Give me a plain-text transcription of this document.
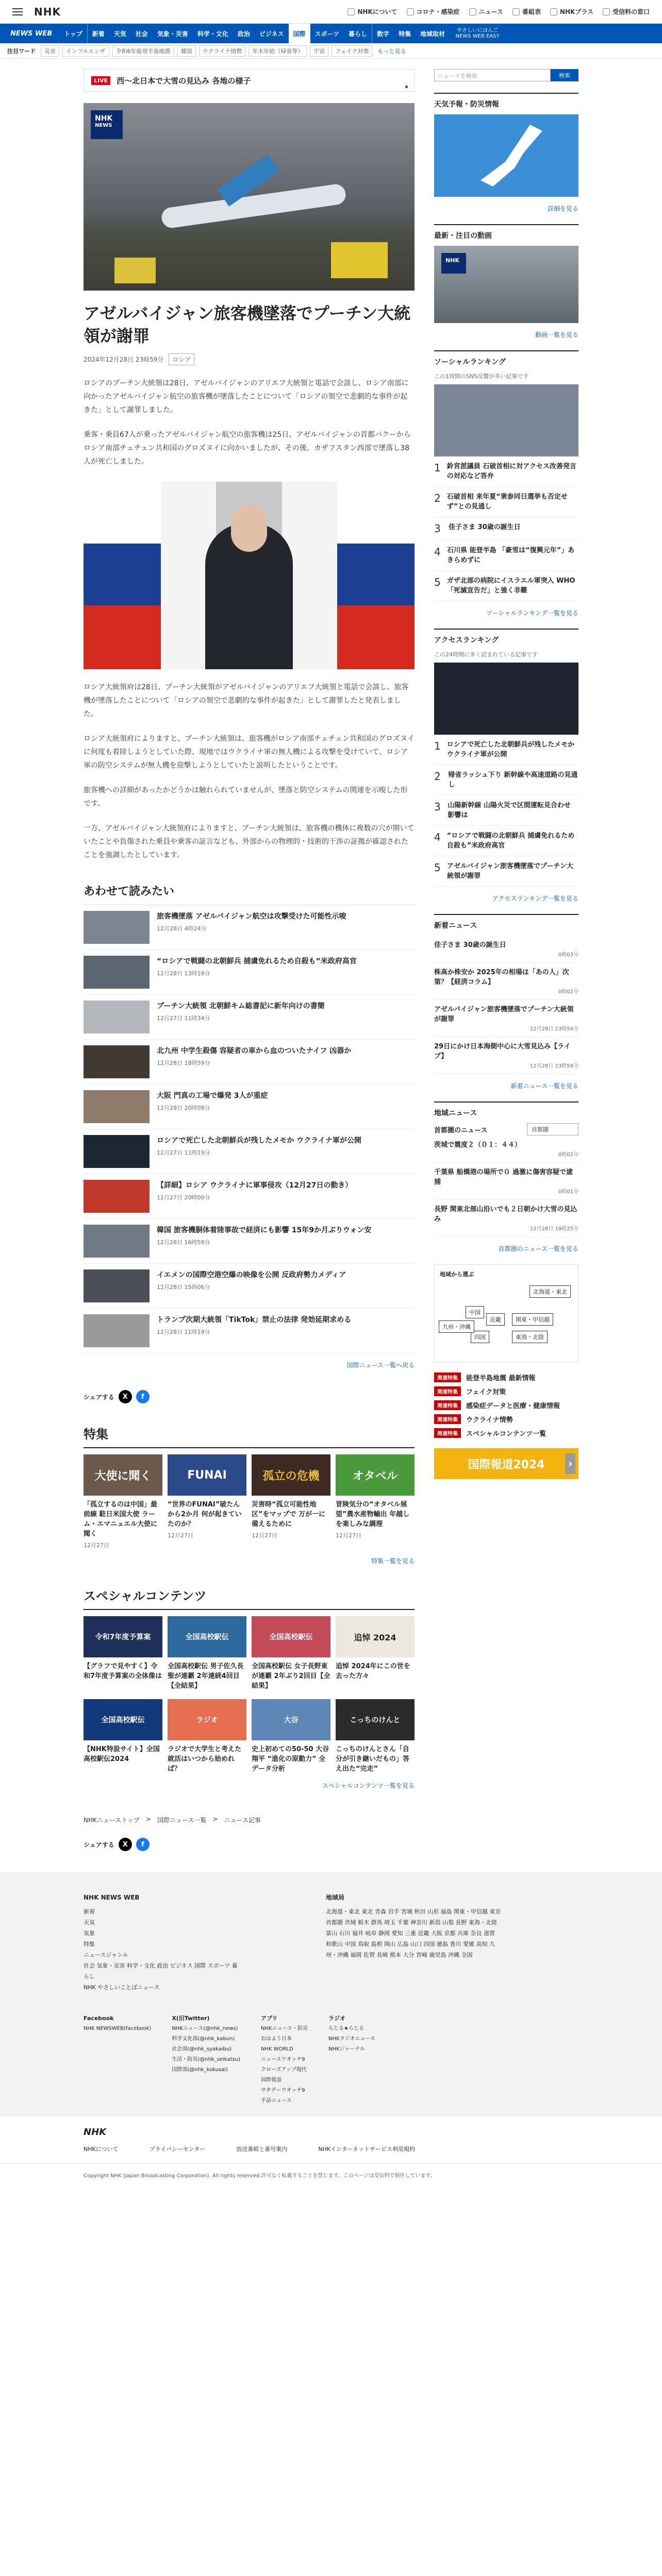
NHK	NHKについて	コロナ・感染症	ニュース	番組表	NHKプラス	受信料の窓口
NEWS WEB	トップ	新着	天気	社会	気象・災害	科学・文化	政治	ビジネス	国際	スポーツ	暮らし	数字	特集	地域取材	やさしいにほんご NEWS WEB EASY
注目ワード	災害	インフルエンザ	令和6年能登半島地震	韓国	ウクライナ情勢	年末年始（帰省等）	宇宙	フェイク対策	もっと見る
LIVE	西～北日本で大雪の見込み 各地の様子
NHK
NEWS
アゼルバイジャン旅客機墜落でプーチン大統領が謝罪
2024年12月28日 23時59分	ロシア

ロシアのプーチン大統領は28日、アゼルバイジャンのアリエフ大統領と電話で会談し、ロシア南部に向かったアゼルバイジャン航空の旅客機が墜落したことについて「ロシアの領空で悲劇的な事件が起きた」として謝罪しました。

乗客・乗員67人が乗ったアゼルバイジャン航空の旅客機は25日、アゼルバイジャンの首都バクーからロシア南部チェチェン共和国のグロズヌイに向かいましたが、その後、カザフスタン西部で墜落し38人が死亡しました。

12月26日

ロシア大統領府は28日、プーチン大統領がアゼルバイジャンのアリエフ大統領と電話で会談し、旅客機が墜落したことについて「ロシアの領空で悲劇的な事件が起きた」として謝罪したと発表しました。

ロシア大統領府によりますと、プーチン大統領は、旅客機がロシア南部チェチェン共和国のグロズヌイに何度も着陸しようとしていた際、現地ではウクライナ軍の無人機による攻撃を受けていて、ロシア軍の防空システムが無人機を迎撃しようとしていたと説明したということです。

旅客機への詳細があったかどうかは触れられていませんが、墜落と防空システムの関連を示唆した形です。

一方、アゼルバイジャン大統領府によりますと、プーチン大統領は、旅客機の機体に複数の穴が開いていたことや負傷された乗員や乗客の証言なども、外部からの物理的・技術的干渉の証拠が確認されたことを強調したとしています。

あわせて読みたい
旅客機墜落 アゼルバイジャン航空は攻撃受けた可能性示唆
12月28日 4時24分
“ロシアで戦闘の北朝鮮兵 捕虜免れるため自殺も”米政府高官
12月28日 13時19分
プーチン大統領 北朝鮮キム総書記に新年向けの書簡
12月27日 11時34分
北九州 中学生殺傷 容疑者の車から血のついたナイフ 凶器か
12月28日 18時59分
大阪 門真の工場で爆発 3人が重症
12月28日 20時08分
ロシアで死亡した北朝鮮兵が残したメモか ウクライナ軍が公開
12月27日 11時19分
【詳細】ロシア ウクライナに軍事侵攻（12月27日の動き）
12月27日 20時00分
韓国 旅客機胴体着陸事故で経済にも影響 15年9か月ぶりウォン安
12月28日 16時59分
イエメンの国際空港空爆の映像を公開 反政府勢力メディア
12月28日 15時06分
トランプ次期大統領「TikTok」禁止の法律 発効延期求める
12月28日 11時19分
国際ニュース一覧へ戻る
シェアする	X	f
特集
大使に聞く
「孤立するのは中国」最前線 駐日米国大使 ラーム・エマニュエル大使に聞く
12月27日
FUNAI
“世界のFUNAI”破たんから2か月 何が起きていたのか？
12月27日
孤立の危機
災害時“孤立可能性地区”をマップで 万が一に備えるために
12月27日
オタベル
冒険気分の“オタベル展望”農水産物輸出 年越しを楽しみな調理
12月27日
特集一覧を見る
スペシャルコンテンツ
令和7年度予算案
【グラフで見やすく】令和7年度予算案の全体像は
全国高校駅伝
全国高校駅伝 男子佐久長聖が連覇 2年連続4回目【全結果】
全国高校駅伝
全国高校駅伝 女子長野東が連覇 2年ぶり2回目【全結果】
追悼 2024
追悼 2024年にこの世を去った方々
全国高校駅伝
【NHK特設サイト】全国高校駅伝2024
ラジオ
ラジオで大学生と考えた 就活はいつから始めれば？
大谷
史上初めての50-50 大谷翔平 “進化の原動力” 全データ分析
こっちのけんと
こっちのけんとさん「自分が引き継いだもの」答え出た“完走”
スペシャルコンテンツ一覧を見る
NHKニューストップ > 国際ニュース一覧 > ニュース記事
シェアする	X	f
ニュースを検索	検索
天気予報・防災情報
詳細を見る
最新・注目の動画
NHK
動画一覧を見る
ソーシャルランキング
この1時間のSNS反響が多い記事です
1 鈴宮派議員 石破首相に対アクセス改善発言の対応など答弁
2 石破首相 来年夏“衆参同日選挙も否定せず”との見通し
3 佳子さま 30歳の誕生日
4 石川県 能登半島 「豪雪は“復興元年”」あきらめずに
5 ガザ北部の病院にイスラエル軍突入 WHO「死滅宣告だ」と強く非難
ソーシャルランキング一覧を見る
アクセスランキング
この24時間に多く読まれている記事です
1 ロシアで死亡した北朝鮮兵が残したメモか ウクライナ軍が公開
2 帰省ラッシュ下り 新幹線や高速道路の見通し
3 山陽新幹線 山陽火災で区間運転見合わせ 影響は
4 “ロシアで戦闘の北朝鮮兵 捕虜免れるため自殺も”米政府高官
5 アゼルバイジャン旅客機墜落でプーチン大統領が謝罪
アクセスランキング一覧を見る
新着ニュース
佳子さま 30歳の誕生日
0時03分
株高か株安か 2025年の相場は「あの人」次第？【経済コラム】
0時02分
アゼルバイジャン旅客機墜落でプーチン大統領が謝罪
12月28日 23時59分
29日にかけ日本海側中心に大雪見込み【ライブ】
12月28日 23時58分
新着ニュース一覧を見る
地域ニュース
首都圏のニュース	首都圏
茨城で震度２（０１：４４）
0時02分
千葉県 船橋港の場所で０ 過激に傷害容疑で逮捕
0時01分
長野 関東北部山沿いでも２日朝かけ大雪の見込み
12月28日 19時25分
首都圏のニュース一覧を見る
地域から選ぶ
北海道・東北
関東・甲信越
東海・北陸
近畿
中国
四国
九州・沖縄
関連特集	能登半島地震 最新情報
関連特集	フェイク対策
関連特集	感染症データと医療・健康情報
関連特集	ウクライナ情勢
関連特集	スペシャルコンテンツ一覧
国際報道2024 ›
NHK NEWS WEB
新着
天気
気象
特集
ニュースジャンル
社会 気象・災害 科学・文化 政治 ビジネス 国際 スポーツ 暮らし
NHK やさしいことばニュース
地域局
北海道・東北 東北 青森 岩手 宮城 秋田 山形 福島 関東・甲信越 東京 首都圏 茨城 栃木 群馬 埼玉 千葉 神奈川 新潟 山梨 長野 東海・北陸 富山 石川 福井 岐阜 静岡 愛知 三重 近畿 大阪 京都 兵庫 奈良 滋賀 和歌山 中国 鳥取 島根 岡山 広島 山口 四国 徳島 香川 愛媛 高知 九州・沖縄 福岡 佐賀 長崎 熊本 大分 宮崎 鹿児島 沖縄 全国
Facebook
NHK NEWSWEB(facebook)
X(旧Twitter)
NHKニュース(@nhk_news)
科学文化部(@nhk_kabun)
社会部(@nhk_syakaibu)
生活・防災(@nhk_seikatsu)
国際部(@nhk_kokusai)
アプリ
NHKニュース・防災
おはよう日本
NHK WORLD
ニュースウオッチ9
クローズアップ現代
国際報道
サタデーウオッチ9
手話ニュース
ラジオ
らじる★らじる
NHKラジオニュース
NHKジャーナル
NHK
NHKについて	プライバシーセンター	放送番組と番号案内	NHKインターネットサービス利用規約
Copyright NHK (Japan Broadcasting Corporation). All rights reserved.許可なく転載することを禁じます。このページは受信料で制作しています。
